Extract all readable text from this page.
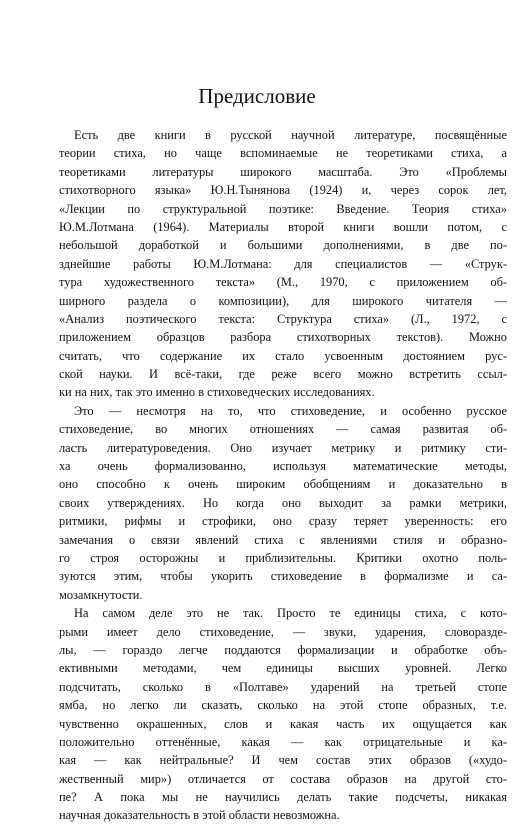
Предисловие
Есть две книги в русской научной литературе, посвящённые
теории стиха, но чаще вспоминаемые не теоретиками стиха, а
теоретиками литературы широкого масштаба. Это «Проблемы
стихотворного языка» Ю.Н.Тынянова (1924) и, через сорок лет,
«Лекции по структуральной поэтике: Введение. Теория стиха»
Ю.М.Лотмана (1964). Материалы второй книги вошли потом, с
небольшой доработкой и большими дополнениями, в две по-
зднейшие работы Ю.М.Лотмана: для специалистов — «Струк-
тура художественного текста» (М., 1970, с приложением об-
ширного раздела о композиции), для широкого читателя —
«Анализ поэтического текста: Структура стиха» (Л., 1972, с
приложением образцов разбора стихотворных текстов). Можно
считать, что содержание их стало усвоенным достоянием рус-
ской науки. И всё-таки, где реже всего можно встретить ссыл-
ки на них, так это именно в стиховедческих исследованиях.
Это — несмотря на то, что стиховедение, и особенно русское
стиховедение, во многих отношениях — самая развитая об-
ласть литературоведения. Оно изучает метрику и ритмику сти-
ха очень формализованно, используя математические методы,
оно способно к очень широким обобщениям и доказательно в
своих утверждениях. Но когда оно выходит за рамки метрики,
ритмики, рифмы и строфики, оно сразу теряет уверенность: его
замечания о связи явлений стиха с явлениями стиля и образно-
го строя осторожны и приблизительны. Критики охотно поль-
зуются этим, чтобы укорить стиховедение в формализме и са-
мозамкнутости.
На самом деле это не так. Просто те единицы стиха, с кото-
рыми имеет дело стиховедение, — звуки, ударения, словоразде-
лы, — гораздо легче поддаются формализации и обработке объ-
ективными методами, чем единицы высших уровней. Легко
подсчитать, сколько в «Полтаве» ударений на третьей стопе
ямба, но легко ли сказать, сколько на этой стопе образных, т.е.
чувственно окрашенных, слов и какая часть их ощущается как
положительно оттенённые, какая — как отрицательные и ка-
кая — как нейтральные? И чем состав этих образов («худо-
жественный мир») отличается от состава образов на другой сто-
пе? А пока мы не научились делать такие подсчеты, никакая
научная доказательность в этой области невозможна.
